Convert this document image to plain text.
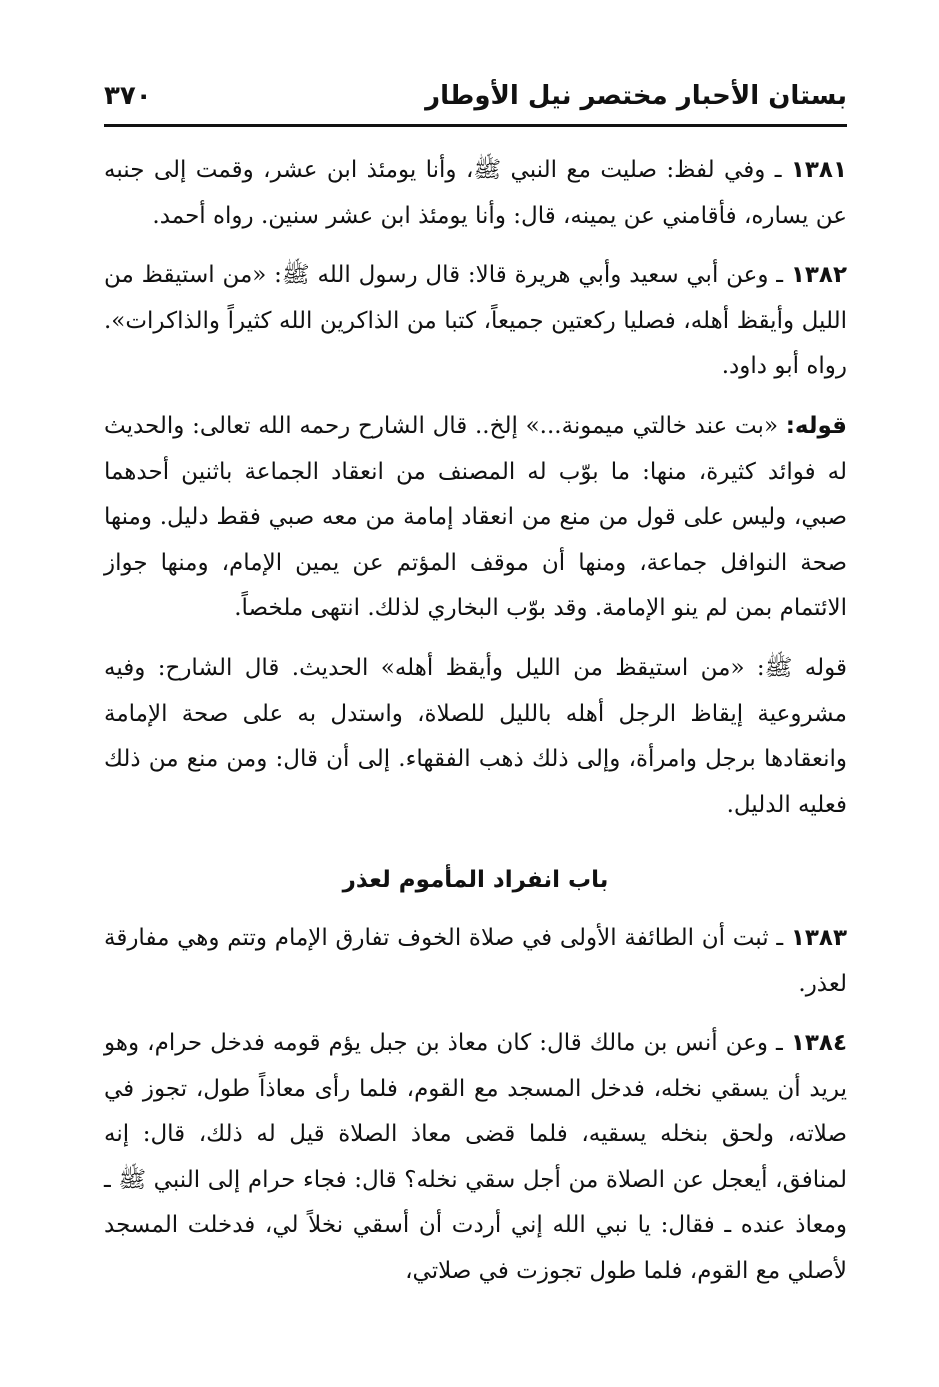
بستان الأحبار مختصر نيل الأوطار
٣٧٠

١٣٨١ ـ وفي لفظ: صليت مع النبي ﷺ، وأنا يومئذ ابن عشر، وقمت إلى جنبه عن يساره، فأقامني عن يمينه، قال: وأنا يومئذ ابن عشر سنين. رواه أحمد.

١٣٨٢ ـ وعن أبي سعيد وأبي هريرة قالا: قال رسول الله ﷺ: «من استيقظ من الليل وأيقظ أهله، فصليا ركعتين جميعاً، كتبا من الذاكرين الله كثيراً والذاكرات». رواه أبو داود.

قوله: «بت عند خالتي ميمونة...» إلخ.. قال الشارح رحمه الله تعالى: والحديث له فوائد كثيرة، منها: ما بوّب له المصنف من انعقاد الجماعة باثنين أحدهما صبي، وليس على قول من منع من انعقاد إمامة من معه صبي فقط دليل. ومنها صحة النوافل جماعة، ومنها أن موقف المؤتم عن يمين الإمام، ومنها جواز الائتمام بمن لم ينو الإمامة. وقد بوّب البخاري لذلك. انتهى ملخصاً.

قوله ﷺ: «من استيقظ من الليل وأيقظ أهله» الحديث. قال الشارح: وفيه مشروعية إيقاظ الرجل أهله بالليل للصلاة، واستدل به على صحة الإمامة وانعقادها برجل وامرأة، وإلى ذلك ذهب الفقهاء. إلى أن قال: ومن منع من ذلك فعليه الدليل.

باب انفراد المأموم لعذر

١٣٨٣ ـ ثبت أن الطائفة الأولى في صلاة الخوف تفارق الإمام وتتم وهي مفارقة لعذر.

١٣٨٤ ـ وعن أنس بن مالك قال: كان معاذ بن جبل يؤم قومه فدخل حرام، وهو يريد أن يسقي نخله، فدخل المسجد مع القوم، فلما رأى معاذاً طول، تجوز في صلاته، ولحق بنخله يسقيه، فلما قضى معاذ الصلاة قيل له ذلك، قال: إنه لمنافق، أيعجل عن الصلاة من أجل سقي نخله؟ قال: فجاء حرام إلى النبي ﷺ ـ ومعاذ عنده ـ فقال: يا نبي الله إني أردت أن أسقي نخلاً لي، فدخلت المسجد لأصلي مع القوم، فلما طول تجوزت في صلاتي،
